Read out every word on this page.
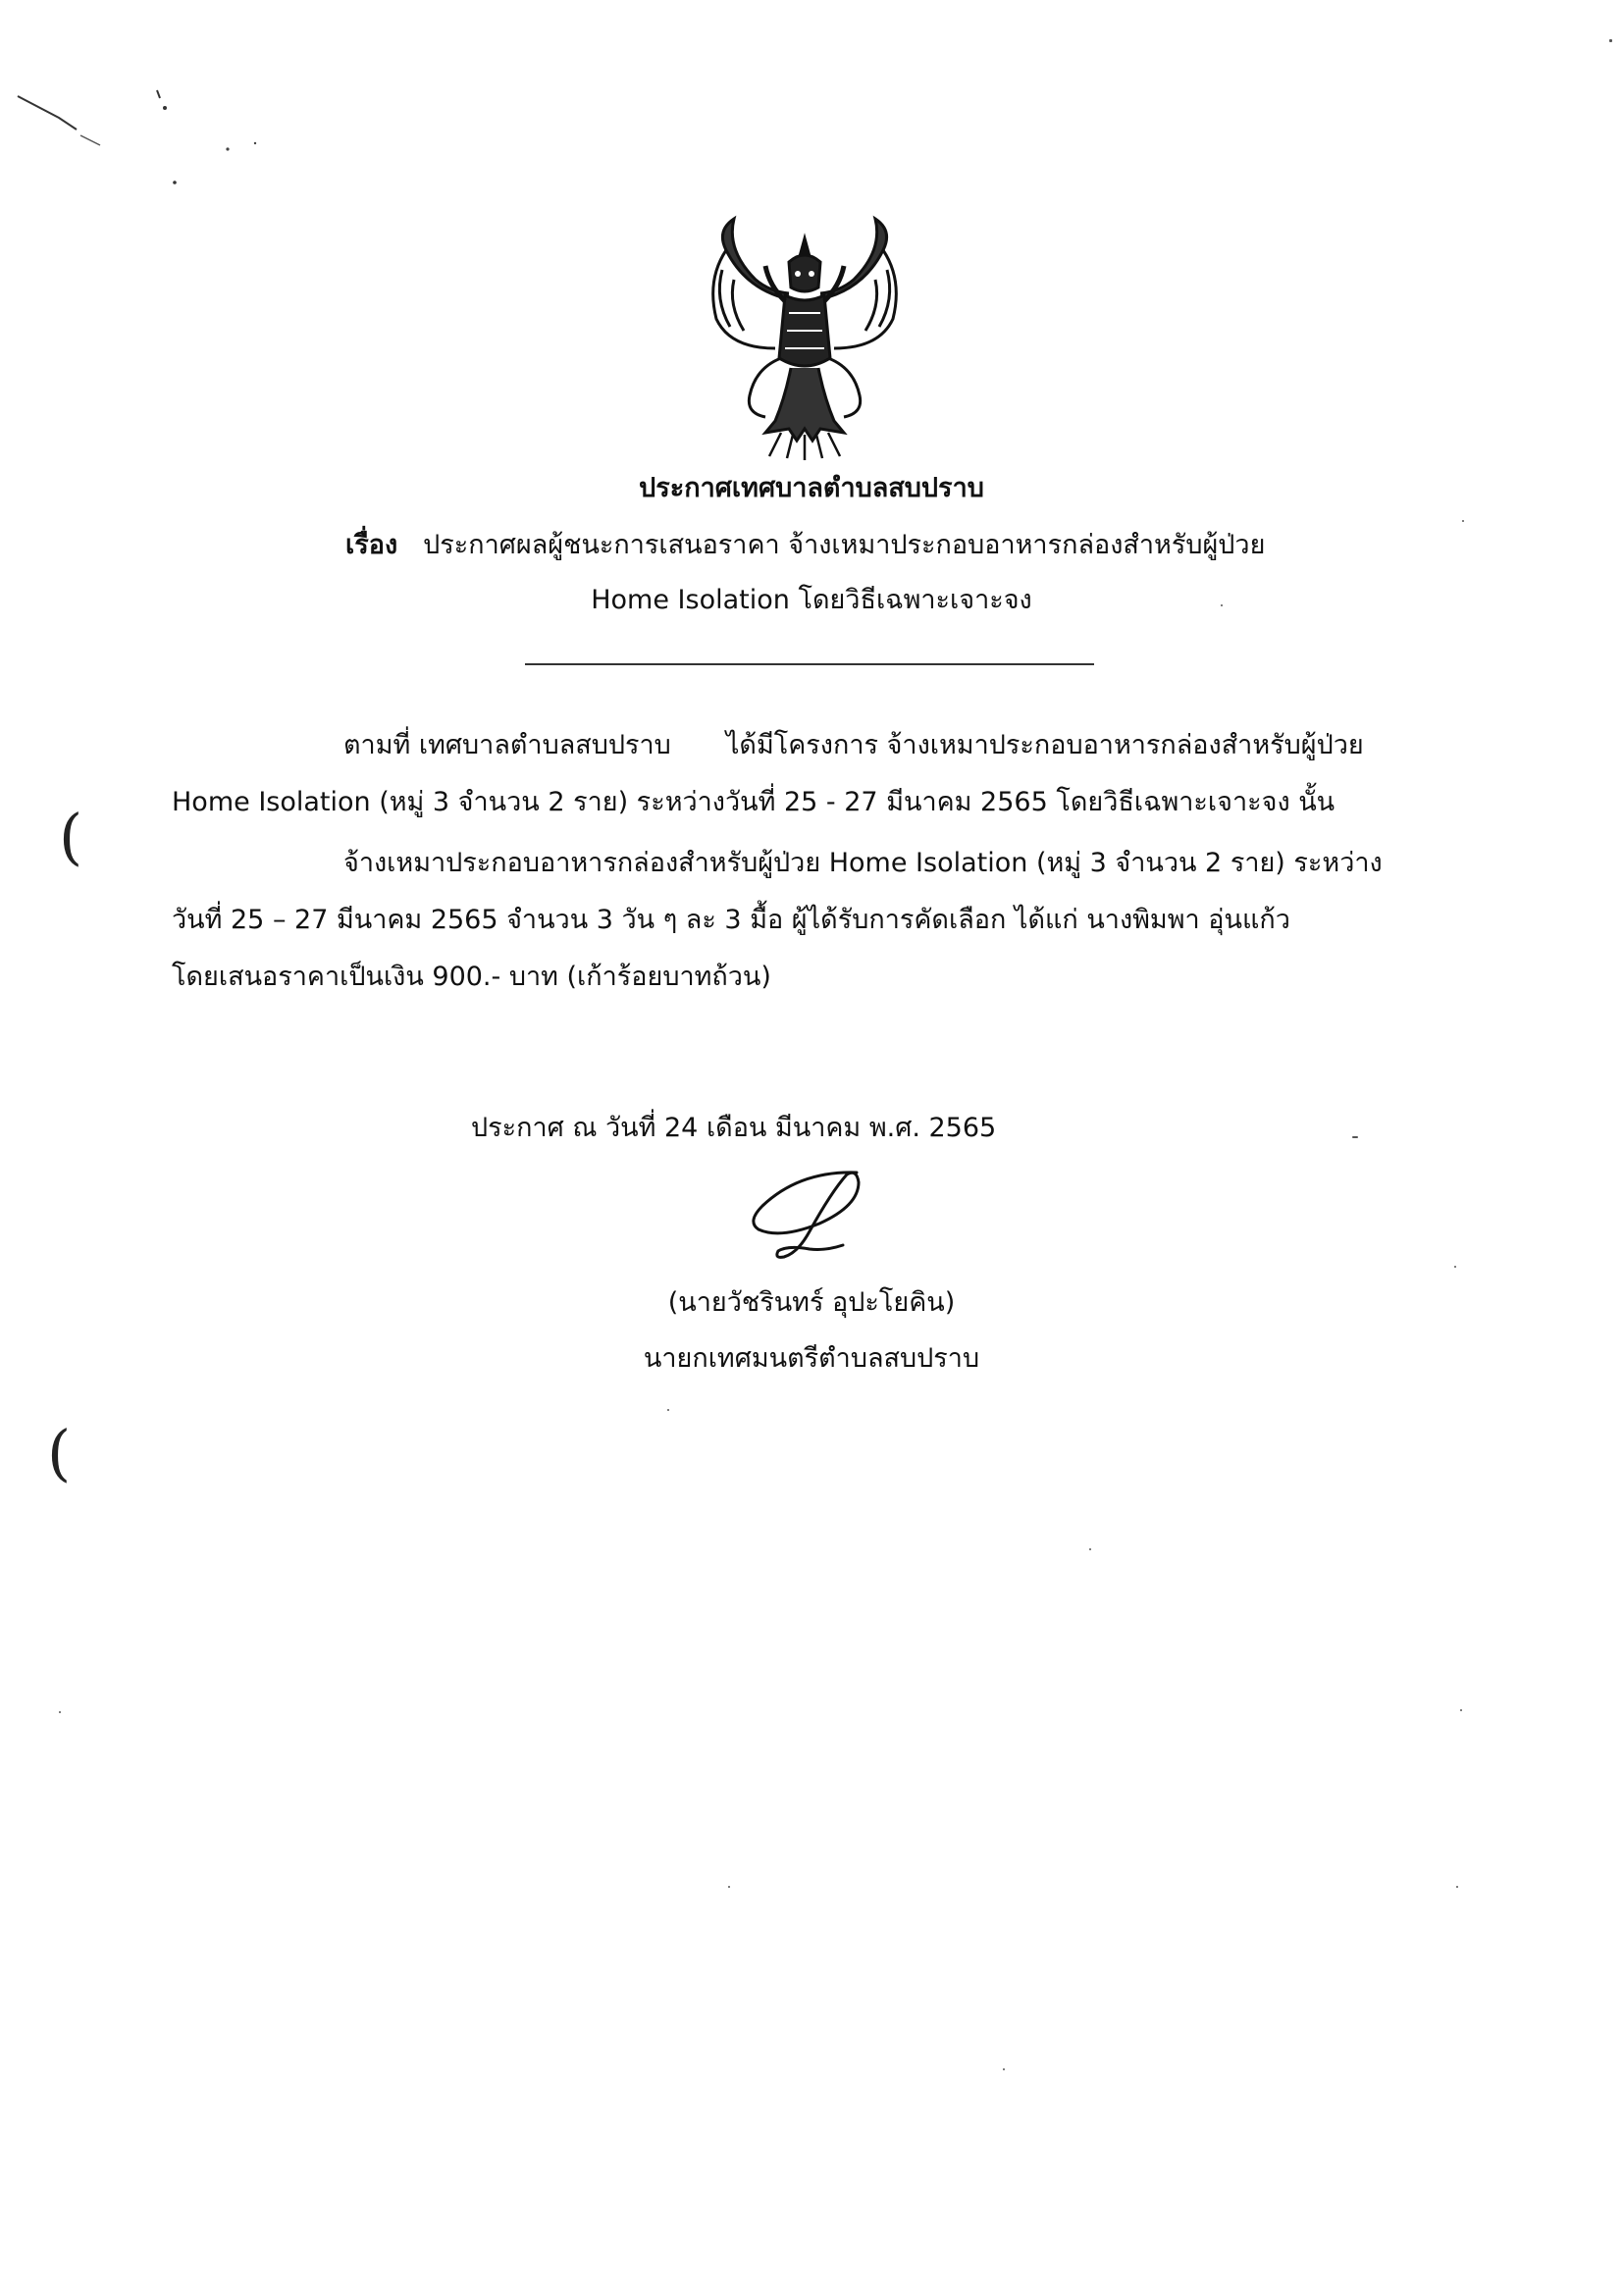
ประกาศเทศบาลตำบลสบปราบ
เรื่อง ประกาศผลผู้ชนะการเสนอราคา จ้างเหมาประกอบอาหารกล่องสำหรับผู้ป่วย
Home Isolation โดยวิธีเฉพาะเจาะจง
ตามที่ เทศบาลตำบลสบปราบ ได้มีโครงการ จ้างเหมาประกอบอาหารกล่องสำหรับผู้ป่วย
Home Isolation (หมู่ 3 จำนวน 2 ราย) ระหว่างวันที่ 25 - 27 มีนาคม 2565 โดยวิธีเฉพาะเจาะจง นั้น
จ้างเหมาประกอบอาหารกล่องสำหรับผู้ป่วย Home Isolation (หมู่ 3 จำนวน 2 ราย) ระหว่าง
วันที่ 25 – 27 มีนาคม 2565 จำนวน 3 วัน ๆ ละ 3 มื้อ ผู้ได้รับการคัดเลือก ได้แก่ นางพิมพา อุ่นแก้ว
โดยเสนอราคาเป็นเงิน 900.- บาท (เก้าร้อยบาทถ้วน)
ประกาศ ณ วันที่ 24 เดือน มีนาคม พ.ศ. 2565
(นายวัชรินทร์ อุปะโยคิน)
นายกเทศมนตรีตำบลสบปราบ
(
(
